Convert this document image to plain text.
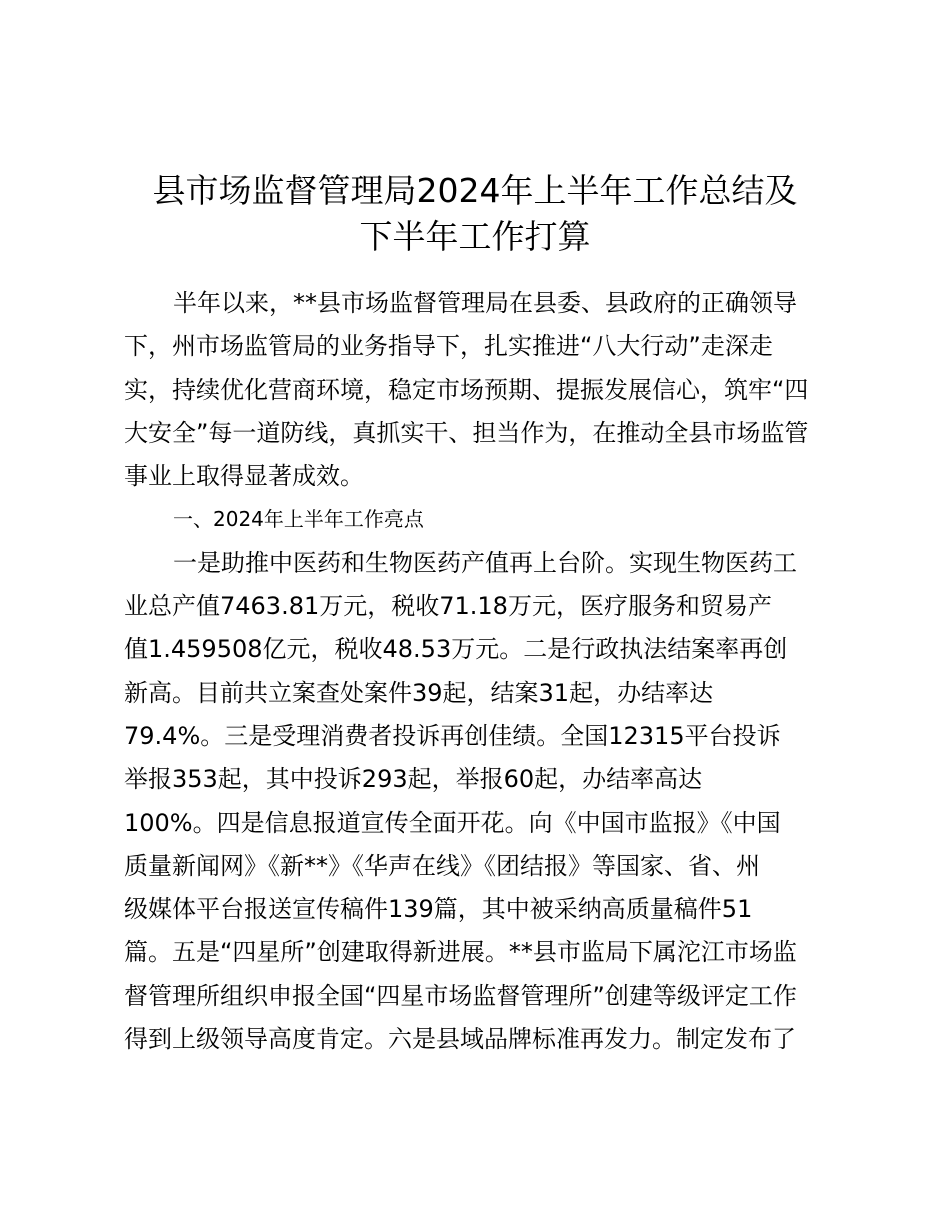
县市场监督管理局2024年上半年工作总结及
下半年工作打算
半年以来，**县市场监督管理局在县委、县政府的正确领导
下，州市场监管局的业务指导下，扎实推进“八大行动”走深走
实，持续优化营商环境，稳定市场预期、提振发展信心，筑牢“四
大安全”每一道防线，真抓实干、担当作为，在推动全县市场监管
事业上取得显著成效。
一、2024年上半年工作亮点
一是助推中医药和生物医药产值再上台阶。实现生物医药工
业总产值7463.81万元，税收71.18万元，医疗服务和贸易产
值1.459508亿元，税收48.53万元。二是行政执法结案率再创
新高。目前共立案查处案件39起，结案31起，办结率达
79.4%。三是受理消费者投诉再创佳绩。全国12315平台投诉
举报353起，其中投诉293起，举报60起，办结率高达
100%。四是信息报道宣传全面开花。向《中国市监报》《中国
质量新闻网》《新**》《华声在线》《团结报》等国家、省、州
级媒体平台报送宣传稿件139篇，其中被采纳高质量稿件51
篇。五是“四星所”创建取得新进展。**县市监局下属沱江市场监
督管理所组织申报全国“四星市场监督管理所”创建等级评定工作
得到上级领导高度肯定。六是县域品牌标准再发力。制定发布了
